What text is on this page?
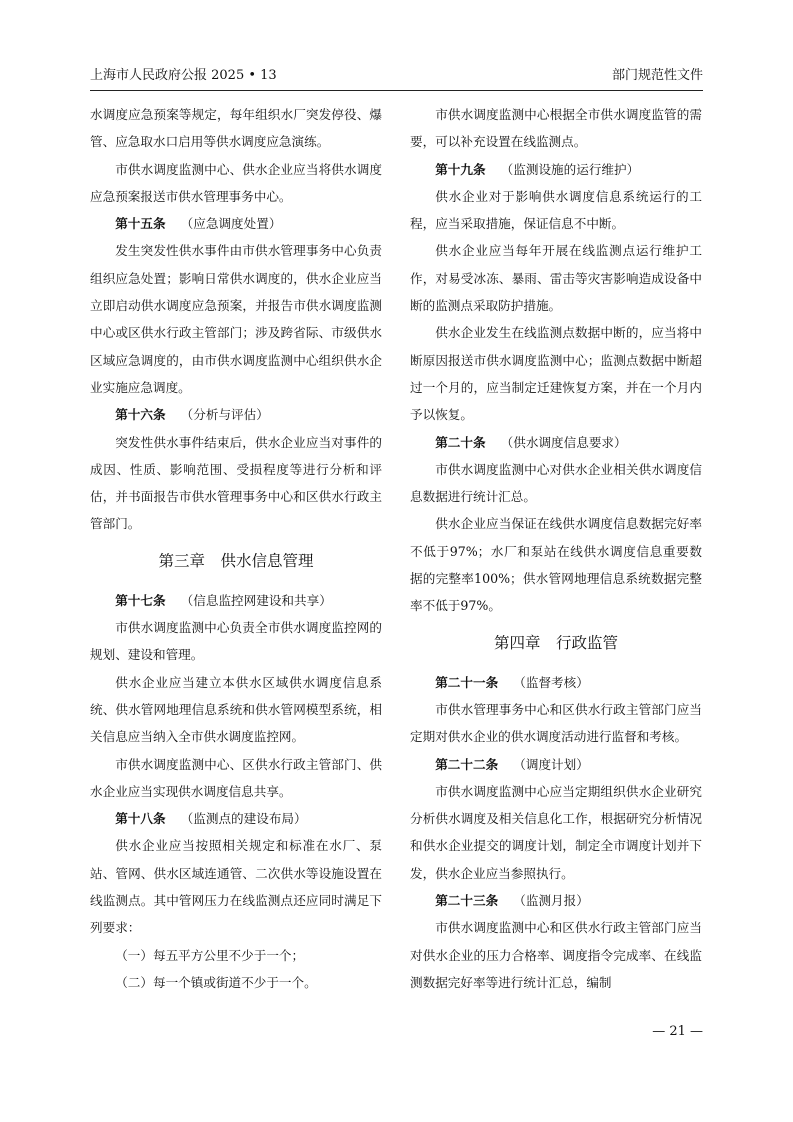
上海市人民政府公报 2025 • 13	部门规范性文件

水调度应急预案等规定，每年组织水厂突发停役、爆管、应急取水口启用等供水调度应急演练。

市供水调度监测中心、供水企业应当将供水调度应急预案报送市供水管理事务中心。

第十五条 （应急调度处置）

发生突发性供水事件由市供水管理事务中心负责组织应急处置；影响日常供水调度的，供水企业应当立即启动供水调度应急预案，并报告市供水调度监测中心或区供水行政主管部门；涉及跨省际、市级供水区域应急调度的，由市供水调度监测中心组织供水企业实施应急调度。

第十六条 （分析与评估）

突发性供水事件结束后，供水企业应当对事件的成因、性质、影响范围、受损程度等进行分析和评估，并书面报告市供水管理事务中心和区供水行政主管部门。

第三章　供水信息管理
第十七条 （信息监控网建设和共享）

市供水调度监测中心负责全市供水调度监控网的规划、建设和管理。

供水企业应当建立本供水区域供水调度信息系统、供水管网地理信息系统和供水管网模型系统，相关信息应当纳入全市供水调度监控网。

市供水调度监测中心、区供水行政主管部门、供水企业应当实现供水调度信息共享。

第十八条 （监测点的建设布局）

供水企业应当按照相关规定和标准在水厂、泵站、管网、供水区域连通管、二次供水等设施设置在线监测点。其中管网压力在线监测点还应同时满足下列要求：

（一）每五平方公里不少于一个；

（二）每一个镇或街道不少于一个。

市供水调度监测中心根据全市供水调度监管的需要，可以补充设置在线监测点。

第十九条 （监测设施的运行维护）

供水企业对于影响供水调度信息系统运行的工程，应当采取措施，保证信息不中断。

供水企业应当每年开展在线监测点运行维护工作，对易受冰冻、暴雨、雷击等灾害影响造成设备中断的监测点采取防护措施。

供水企业发生在线监测点数据中断的，应当将中断原因报送市供水调度监测中心；监测点数据中断超过一个月的，应当制定迁建恢复方案，并在一个月内予以恢复。

第二十条 （供水调度信息要求）

市供水调度监测中心对供水企业相关供水调度信息数据进行统计汇总。

供水企业应当保证在线供水调度信息数据完好率不低于97%；水厂和泵站在线供水调度信息重要数据的完整率100%；供水管网地理信息系统数据完整率不低于97%。

第四章　行政监管
第二十一条 （监督考核）

市供水管理事务中心和区供水行政主管部门应当定期对供水企业的供水调度活动进行监督和考核。

第二十二条 （调度计划）

市供水调度监测中心应当定期组织供水企业研究分析供水调度及相关信息化工作，根据研究分析情况和供水企业提交的调度计划，制定全市调度计划并下发，供水企业应当参照执行。

第二十三条 （监测月报）

市供水调度监测中心和区供水行政主管部门应当对供水企业的压力合格率、调度指令完成率、在线监测数据完好率等进行统计汇总，编制

— 21 —
